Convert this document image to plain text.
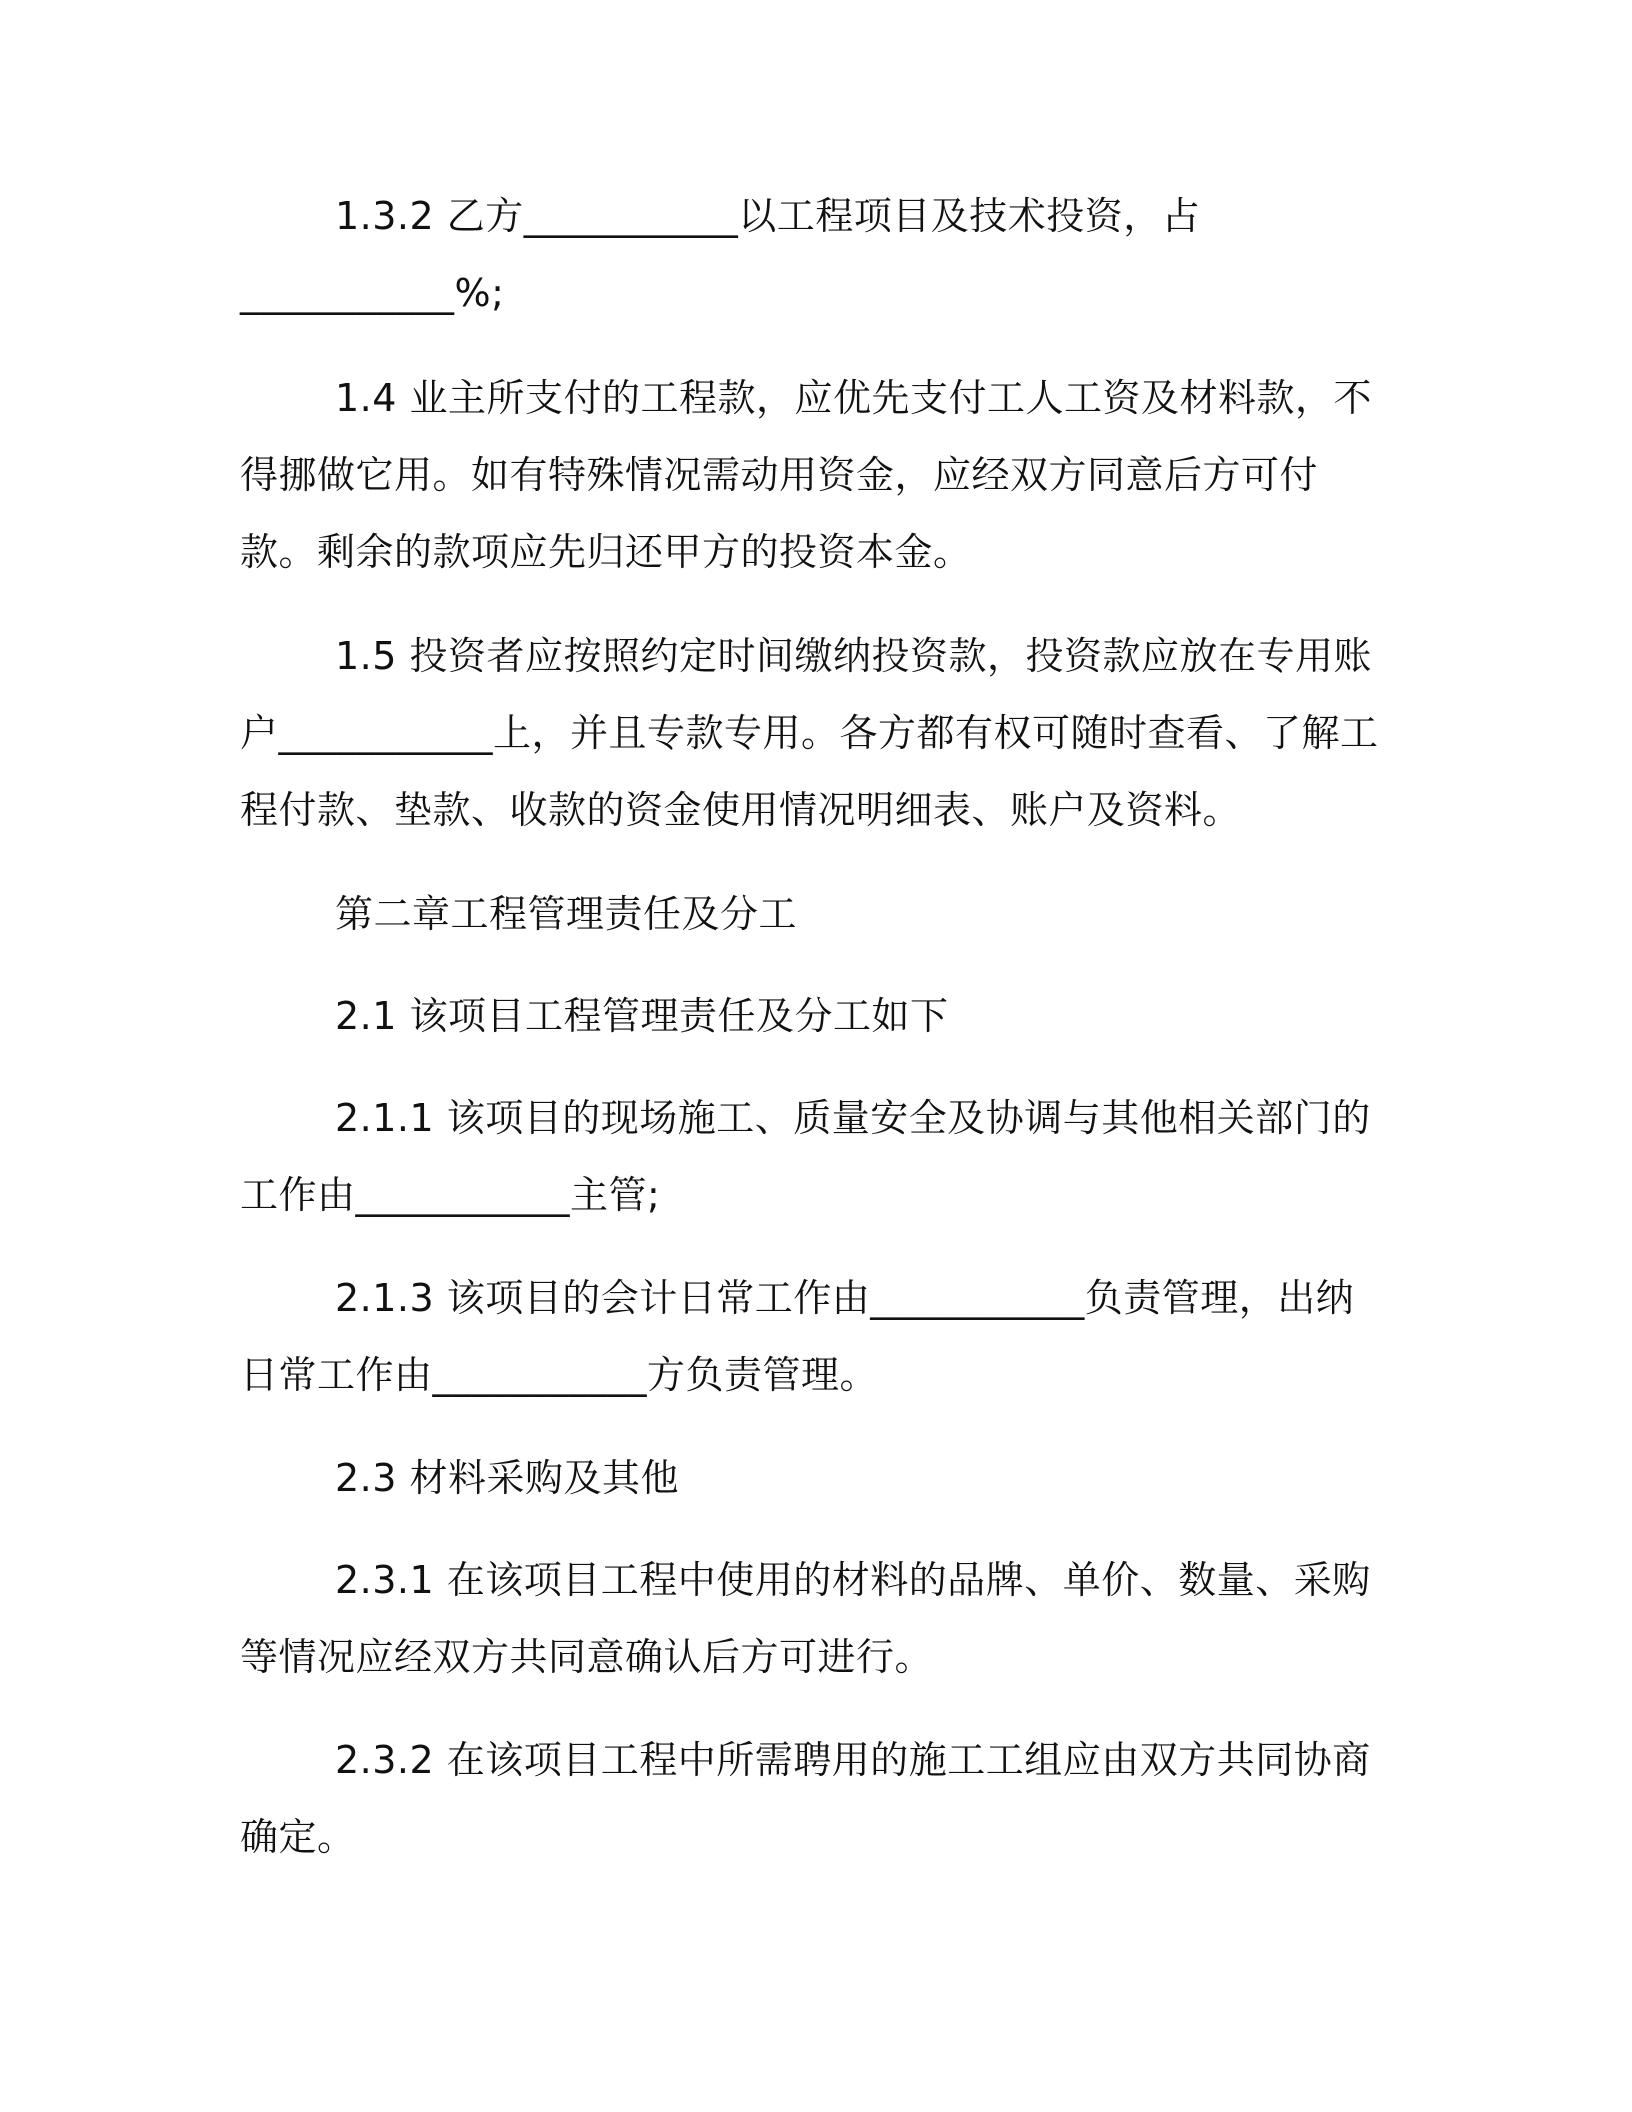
1.3.2 乙方___________以工程项目及技术投资，占___________%;

1.4 业主所支付的工程款，应优先支付工人工资及材料款，不得挪做它用。如有特殊情况需动用资金，应经双方同意后方可付款。剩余的款项应先归还甲方的投资本金。

1.5 投资者应按照约定时间缴纳投资款，投资款应放在专用账户___________上，并且专款专用。各方都有权可随时查看、了解工程付款、垫款、收款的资金使用情况明细表、账户及资料。

第二章工程管理责任及分工

2.1 该项目工程管理责任及分工如下

2.1.1 该项目的现场施工、质量安全及协调与其他相关部门的工作由___________主管;

2.1.3 该项目的会计日常工作由___________负责管理，出纳日常工作由___________方负责管理。

2.3 材料采购及其他

2.3.1 在该项目工程中使用的材料的品牌、单价、数量、采购等情况应经双方共同意确认后方可进行。

2.3.2 在该项目工程中所需聘用的施工工组应由双方共同协商确定。
